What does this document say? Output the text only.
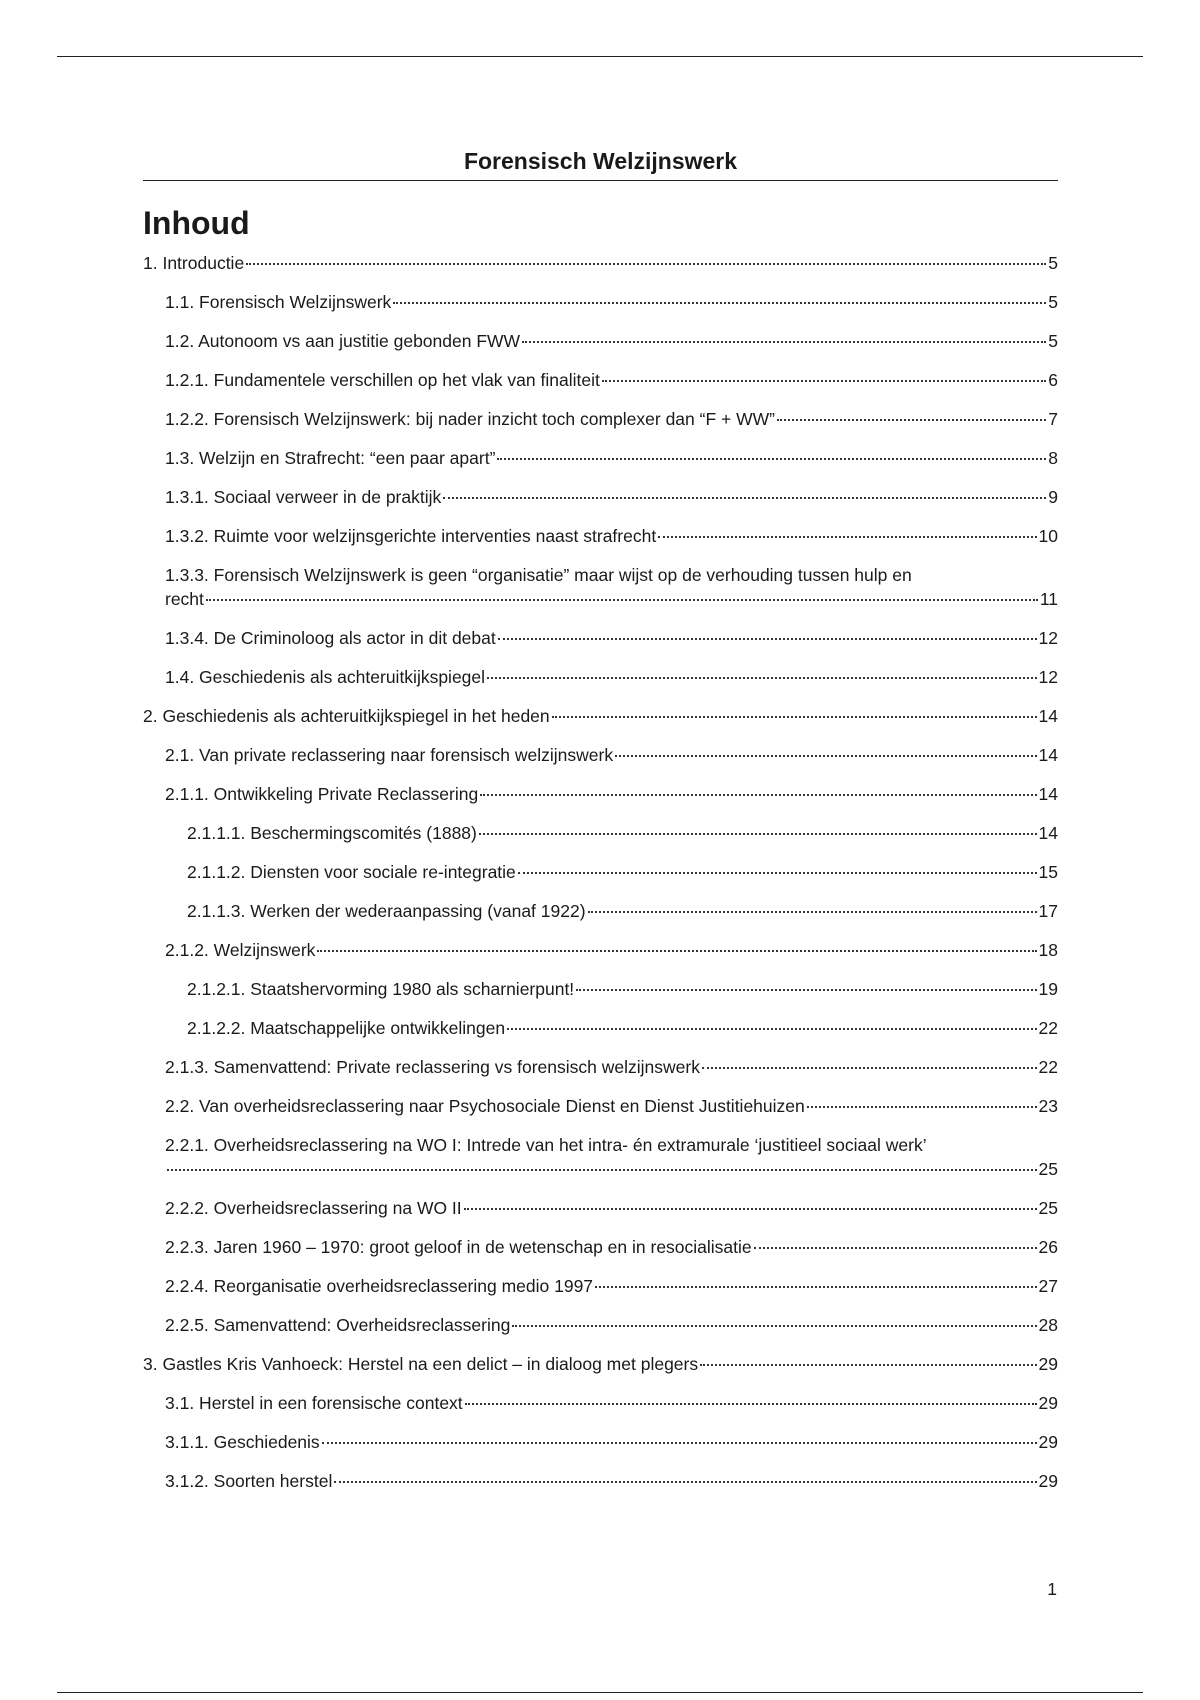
Forensisch Welzijnswerk
Inhoud
1. Introductie	5
1.1. Forensisch Welzijnswerk	5
1.2. Autonoom vs aan justitie gebonden FWW	5
1.2.1. Fundamentele verschillen op het vlak van finaliteit	6
1.2.2. Forensisch Welzijnswerk: bij nader inzicht toch complexer dan “F + WW”	7
1.3. Welzijn en Strafrecht: “een paar apart”	8
1.3.1. Sociaal verweer in de praktijk	9
1.3.2. Ruimte voor welzijnsgerichte interventies naast strafrecht	10
1.3.3. Forensisch Welzijnswerk is geen “organisatie” maar wijst op de verhouding tussen hulp en
recht	11
1.3.4. De Criminoloog als actor in dit debat	12
1.4. Geschiedenis als achteruitkijkspiegel	12
2. Geschiedenis als achteruitkijkspiegel in het heden	14
2.1. Van private reclassering naar forensisch welzijnswerk	14
2.1.1. Ontwikkeling Private Reclassering	14
2.1.1.1. Beschermingscomités (1888)	14
2.1.1.2. Diensten voor sociale re-integratie	15
2.1.1.3. Werken der wederaanpassing (vanaf 1922)	17
2.1.2. Welzijnswerk	18
2.1.2.1. Staatshervorming 1980 als scharnierpunt!	19
2.1.2.2. Maatschappelijke ontwikkelingen	22
2.1.3. Samenvattend: Private reclassering vs forensisch welzijnswerk	22
2.2. Van overheidsreclassering naar Psychosociale Dienst en Dienst Justitiehuizen	23
2.2.1. Overheidsreclassering na WO I: Intrede van het intra- én extramurale ‘justitieel sociaal werk’
25
2.2.2. Overheidsreclassering na WO II	25
2.2.3. Jaren 1960 – 1970: groot geloof in de wetenschap en in resocialisatie	26
2.2.4. Reorganisatie overheidsreclassering medio 1997	27
2.2.5. Samenvattend: Overheidsreclassering	28
3. Gastles Kris Vanhoeck: Herstel na een delict – in dialoog met plegers	29
3.1. Herstel in een forensische context	29
3.1.1. Geschiedenis	29
3.1.2. Soorten herstel	29
1
